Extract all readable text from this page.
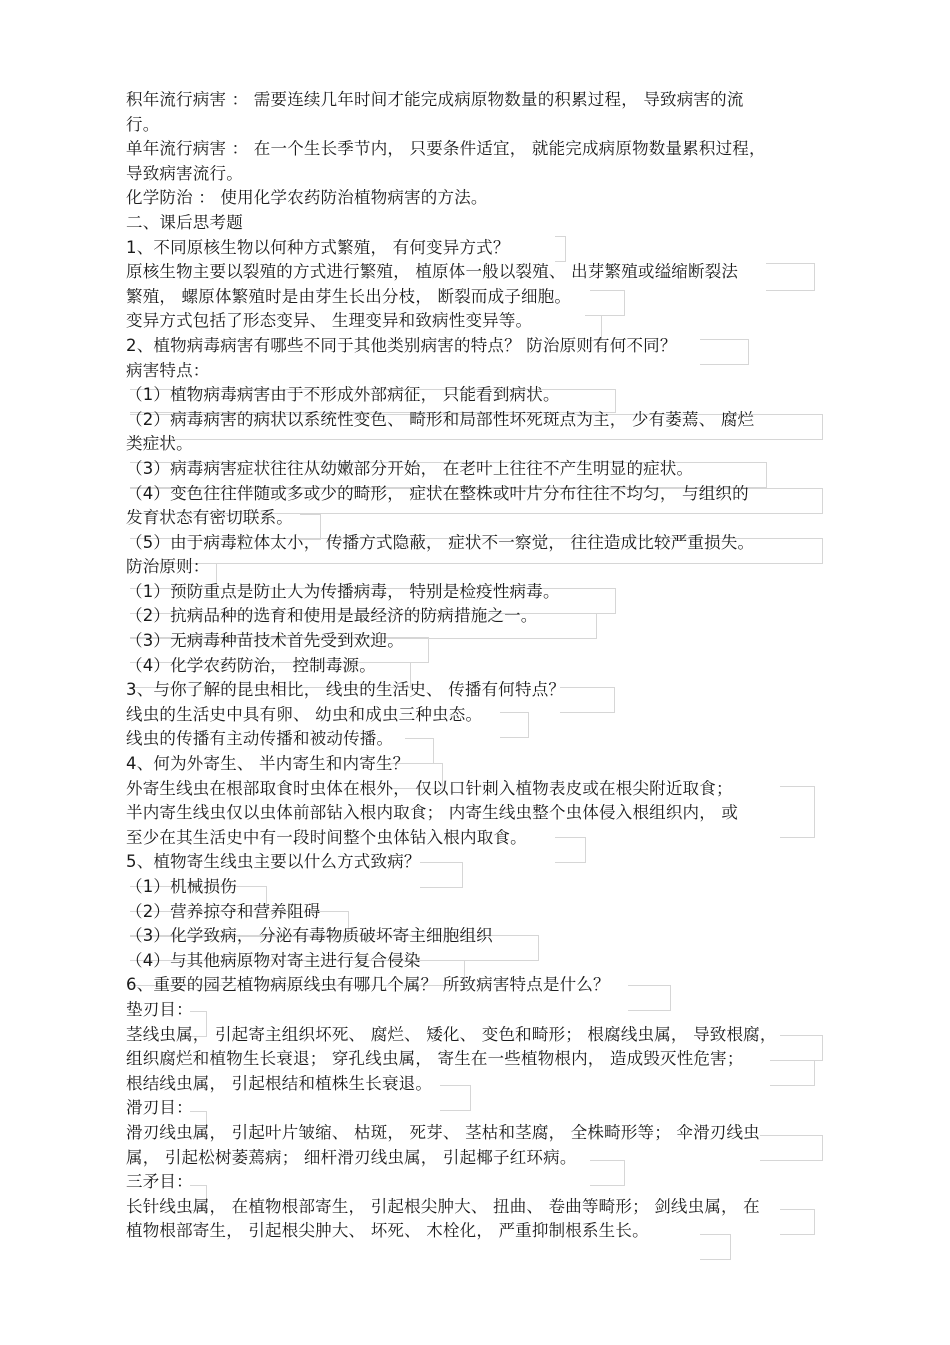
积年流行病害 ： 需要连续几年时间才能完成病原物数量的积累过程， 导致病害的流
行。
单年流行病害 ： 在一个生长季节内， 只要条件适宜， 就能完成病原物数量累积过程，
导致病害流行。
化学防治 ： 使用化学农药防治植物病害的方法。
二、课后思考题
1、不同原核生物以何种方式繁殖， 有何变异方式？
原核生物主要以裂殖的方式进行繁殖， 植原体一般以裂殖、 出芽繁殖或缢缩断裂法
繁殖， 螺原体繁殖时是由芽生长出分枝， 断裂而成子细胞。
变异方式包括了形态变异、 生理变异和致病性变异等。
2、植物病毒病害有哪些不同于其他类别病害的特点？ 防治原则有何不同？
病害特点：
（1）植物病毒病害由于不形成外部病征， 只能看到病状。
（2）病毒病害的病状以系统性变色、 畸形和局部性坏死斑点为主， 少有萎蔫、 腐烂
类症状。
（3）病毒病害症状往往从幼嫩部分开始， 在老叶上往往不产生明显的症状。
（4）变色往往伴随或多或少的畸形， 症状在整株或叶片分布往往不均匀， 与组织的
发育状态有密切联系。
（5）由于病毒粒体太小， 传播方式隐蔽， 症状不一察觉， 往往造成比较严重损失。
防治原则：
（1）预防重点是防止人为传播病毒， 特别是检疫性病毒。
（2）抗病品种的选育和使用是最经济的防病措施之一。
（3）无病毒种苗技术首先受到欢迎。
（4）化学农药防治， 控制毒源。
3、与你了解的昆虫相比， 线虫的生活史、 传播有何特点？
线虫的生活史中具有卵、 幼虫和成虫三种虫态。
线虫的传播有主动传播和被动传播。
4、何为外寄生、 半内寄生和内寄生？
外寄生线虫在根部取食时虫体在根外， 仅以口针刺入植物表皮或在根尖附近取食；
半内寄生线虫仅以虫体前部钻入根内取食； 内寄生线虫整个虫体侵入根组织内， 或
至少在其生活史中有一段时间整个虫体钻入根内取食。
5、植物寄生线虫主要以什么方式致病？
（1）机械损伤
（2）营养掠夺和营养阻碍
（3）化学致病， 分泌有毒物质破坏寄主细胞组织
（4）与其他病原物对寄主进行复合侵染
6、重要的园艺植物病原线虫有哪几个属？ 所致病害特点是什么？
垫刃目：
茎线虫属， 引起寄主组织坏死、 腐烂、 矮化、 变色和畸形； 根腐线虫属， 导致根腐，
组织腐烂和植物生长衰退； 穿孔线虫属， 寄生在一些植物根内， 造成毁灭性危害；
根结线虫属， 引起根结和植株生长衰退。
滑刃目：
滑刃线虫属， 引起叶片皱缩、 枯斑， 死芽、 茎枯和茎腐， 全株畸形等； 伞滑刃线虫
属， 引起松树萎蔫病； 细杆滑刃线虫属， 引起椰子红环病。
三矛目：
长针线虫属， 在植物根部寄生， 引起根尖肿大、 扭曲、 卷曲等畸形； 剑线虫属， 在
植物根部寄生， 引起根尖肿大、 坏死、 木栓化， 严重抑制根系生长。
